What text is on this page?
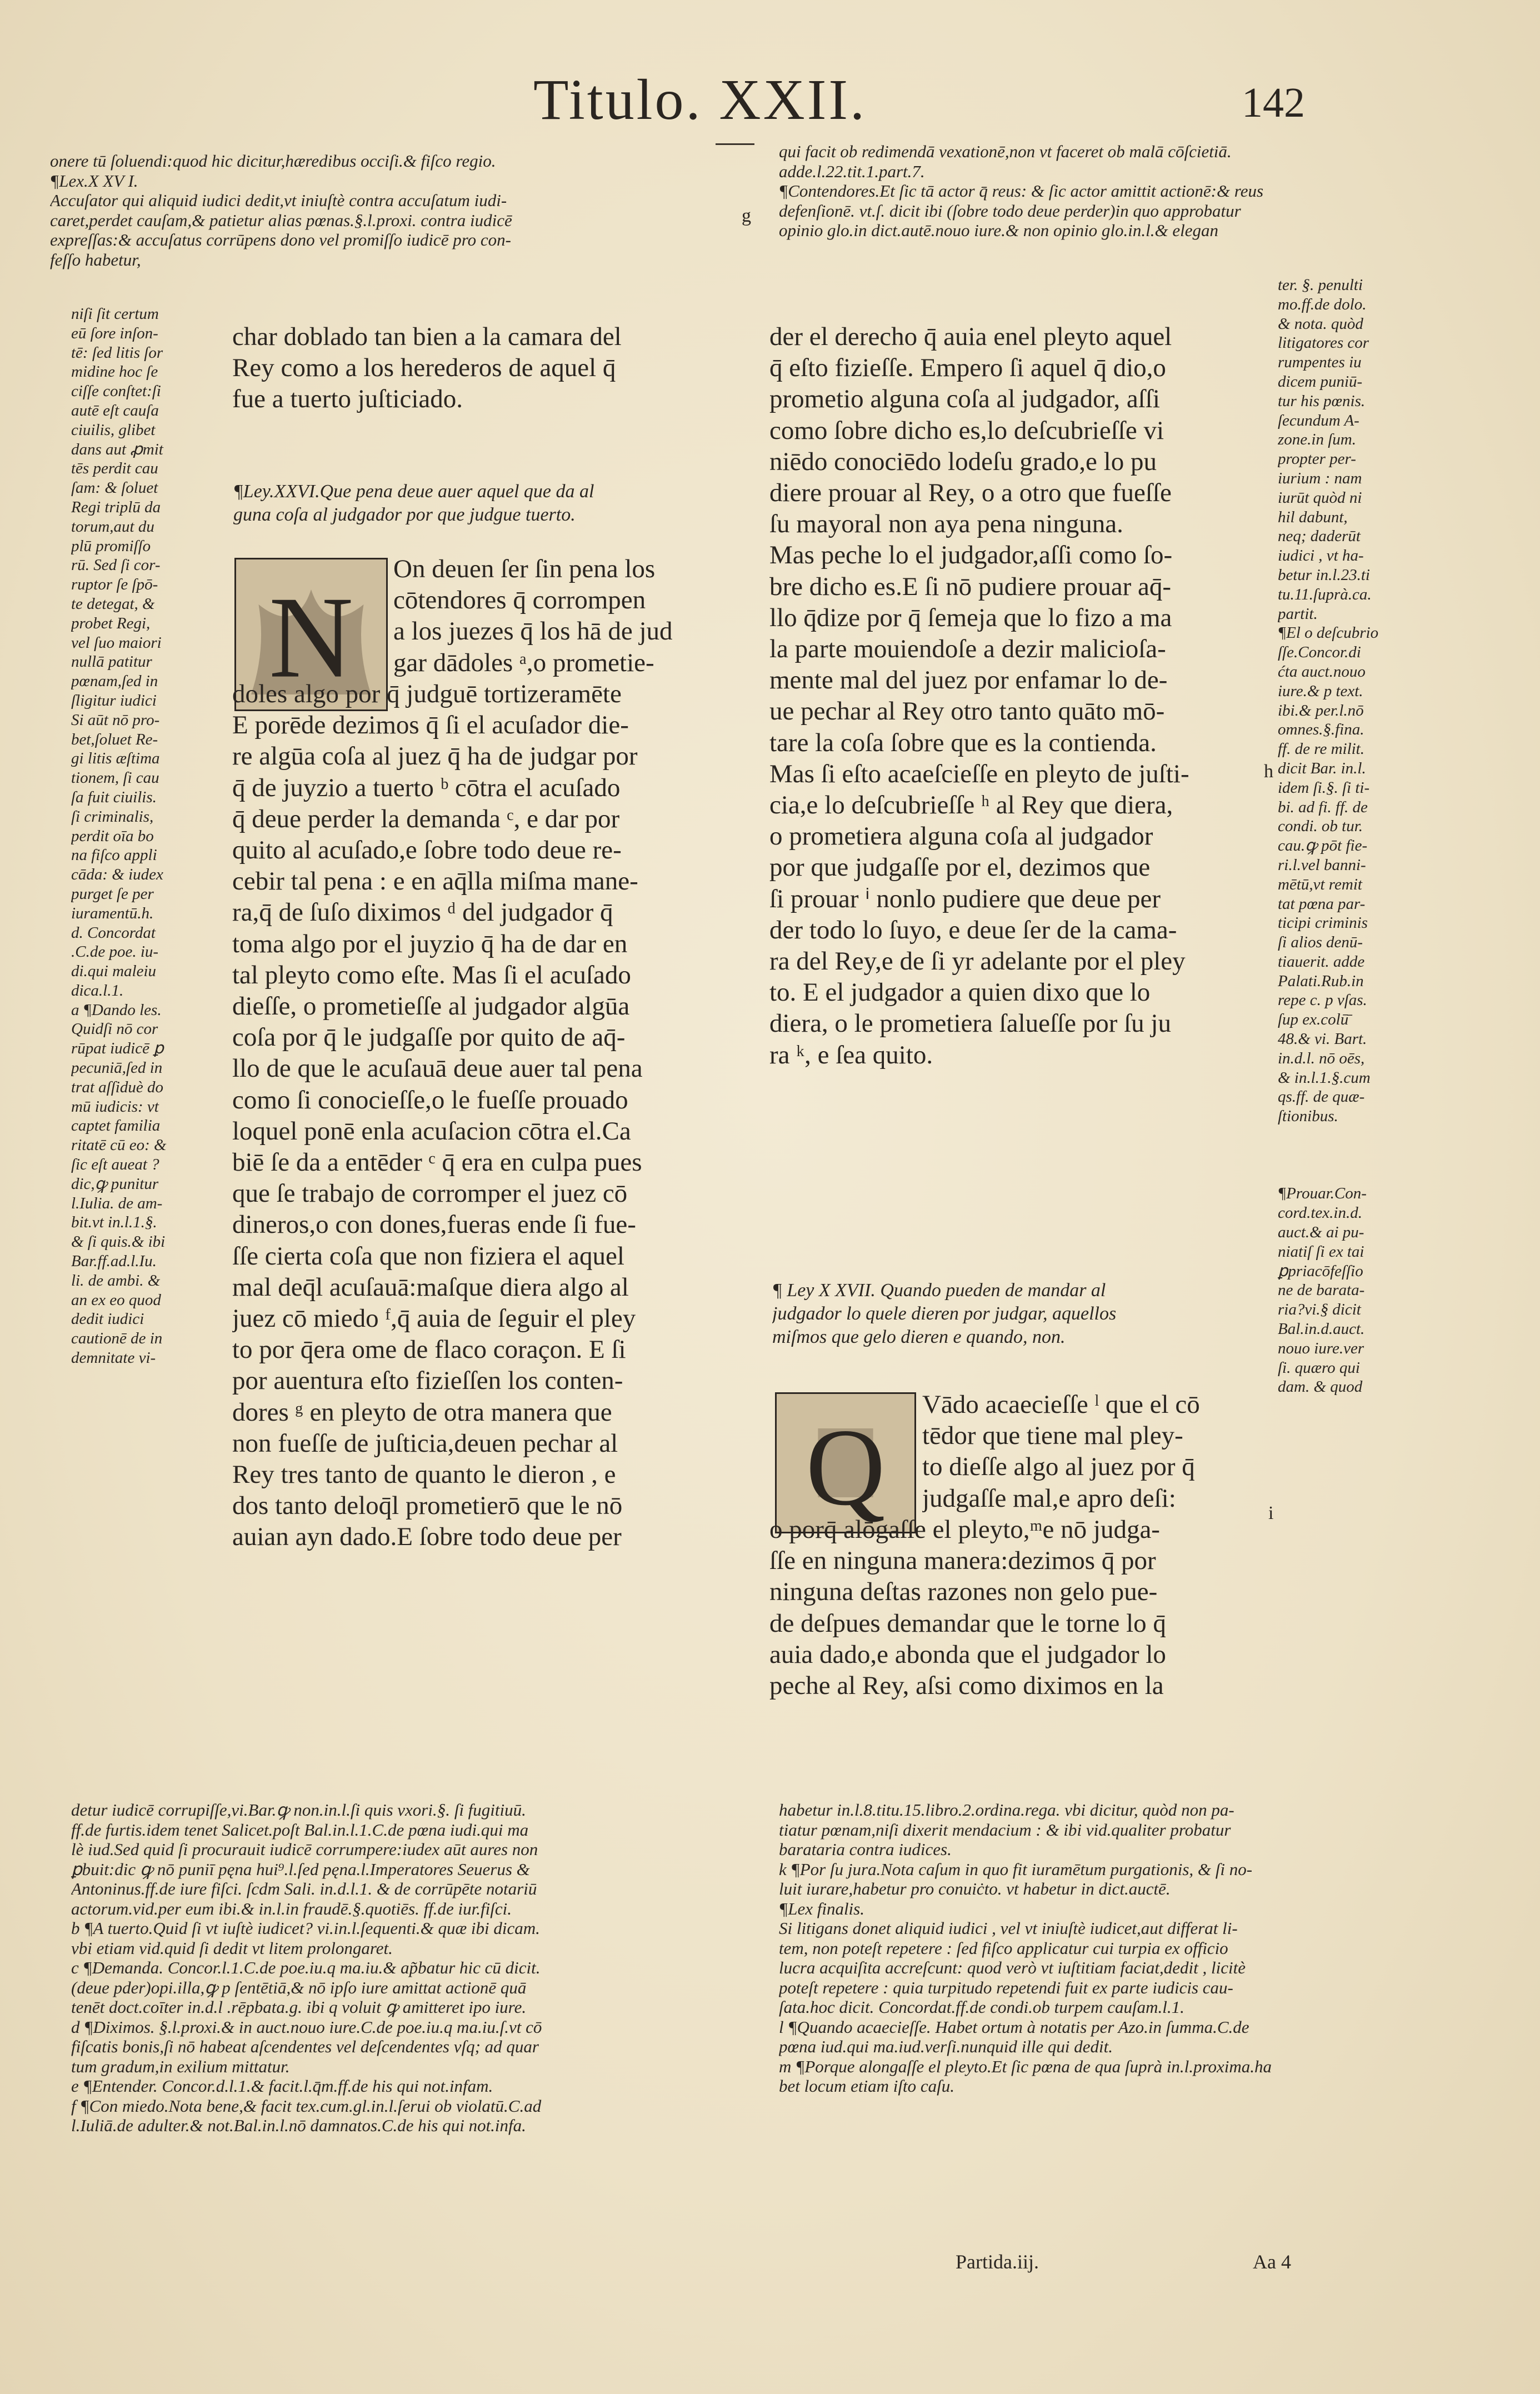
Titulo. XXII.	142
onere tū ſoluendi:quod hic dicitur,hæredibus occiſi.& fiſco regio.
¶Lex.X XV I.
Accuſator qui aliquid iudici dedit,vt iniuſtè contra accuſatum iudi-
caret,perdet cauſam,& patietur alias pœnas.§.l.proxi. contra iudicē
expreſſas:& accuſatus corrūpens dono vel promiſſo iudicē pro con-
feſſo habetur,
qui facit ob redimendā vexationē,non vt faceret ob malā cōſcietiā.
adde.l.22.tit.1.part.7.
¶Contendores.Et ſic tā actor q̄ reus: & ſic actor amittit actionē:& reus
defenſionē. vt.ſ. dicit ibi (ſobre todo deue perder)in quo approbatur
opinio glo.in dict.autē.nouo iure.& non opinio glo.in.l.& elegan
niſi ſit certum
eū ſore inſon-
tē: ſed litis ſor
midine hoc ſe
ciſſe conſtet:ſi
autē eſt cauſa
ciuilis, glibet
dans aut ꝓmit
tēs perdit cau
ſam: & ſoluet
Regi triplū da
torum,aut du
plū promiſſo
rū. Sed ſi cor-
ruptor ſe ſpō-
te detegat, &
probet Regi,
vel ſuo maiori
nullā patitur
pœnam,ſed in
ſligitur iudici
Si aūt nō pro-
bet,ſoluet Re-
gi litis æſtima
tionem, ſi cau
ſa fuit ciuilis.
ſi criminalis,
perdit oīa bo
na fiſco appli
cāda: & iudex
purget ſe per
iuramentū.h.
d. Concordat
.C.de poe. iu-
di.qui maleiu
dica.l.1.
a ¶Dando les.
Quidſi nō cor
rūpat iudicē ꝑ
pecuniā,ſed in
trat aſſiduè do
mū iudicis: vt
captet familia
ritatē cū eo: &
ſic eſt aueat ?
dic,ꝙ punitur
l.Iulia. de am-
bit.vt in.l.1.§.
& ſi quis.& ibi
Bar.ff.ad.l.Iu.
li. de ambi. &
an ex eo quod
dedit iudici
cautionē de in
demnitate vi-
ter. §. penulti
mo.ff.de dolo.
& nota. quòd
litigatores cor
rumpentes iu
dicem puniū-
tur his pœnis.
ſecundum A-
zone.in ſum.
propter per-
iurium : nam
iurūt quòd ni
hil dabunt,
neq; daderūt
iudici , vt ha-
betur in.l.23.ti
tu.11.ſuprà.ca.
partit.
¶El o deſcubrio
ſſe.Concor.di
ćta auct.nouo
iure.& p text.
ibi.& per.l.nō
omnes.§.fina.
ff. de re milit.
dicit Bar. in.l.
idem ſi.§. ſi ti-
bi. ad fi. ff. de
condi. ob tur.
cau.ꝙ pōt fie-
ri.l.vel banni-
mētū,vt remit
tat pœna par-
ticipi criminis
ſi alios denū-
tiauerit. adde
Palati.Rub.in
repe c. p vſas.
ſup ex.colū̄
48.& vi. Bart.
in.d.l. nō oēs,
& in.l.1.§.cum
qs.ff. de quæ-
ſtionibus.

¶Prouar.Con-
cord.tex.in.d.
auct.& ai pu-
niatiſ ſi ex tai
ꝑpriacōfeſſio
ne de barata-
ria?vi.§ dicit
Bal.in.d.auct.
nouo iure.ver
ſi. quæro qui
dam. & quod
char doblado tan bien a la camara del
Rey como a los herederos de aquel q̄
fue a tuerto juſticiado.
¶Ley.XXVI.Que pena deue auer aquel que da al
guna coſa al judgador por que judgue tuerto.
N
On deuen ſer ſin pena los
cōtendores q̄ corrompen
a los juezes q̄ los hā de jud
gar dādoles ᵃ,o prometie-
doles algo por q̄ judguē tortizeramēte
E porēde dezimos q̄ ſi el acuſador die-
re algūa coſa al juez q̄ ha de judgar por
q̄ de juyzio a tuerto ᵇ cōtra el acuſado
q̄ deue perder la demanda ᶜ, e dar por
quito al acuſado,e ſobre todo deue re-
cebir tal pena : e en aq̄lla miſma mane-
ra,q̄ de ſuſo diximos ᵈ del judgador q̄
toma algo por el juyzio q̄ ha de dar en
tal pleyto como eſte. Mas ſi el acuſado
dieſſe, o prometieſſe al judgador algūa
coſa por q̄ le judgaſſe por quito de aq̄-
llo de que le acuſauā deue auer tal pena
como ſi conocieſſe,o le fueſſe prouado
loquel ponē enla acuſacion cōtra el.Ca
biē ſe da a entēder ᶜ q̄ era en culpa pues
que ſe trabajo de corromper el juez cō
dineros,o con dones,fueras ende ſi fue-
ſſe cierta coſa que non fiziera el aquel
mal deq̄l acuſauā:maſque diera algo al
juez cō miedo ᶠ,q̄ auia de ſeguir el pley
to por q̄era ome de flaco coraçon. E ſi
por auentura eſto fizieſſen los conten-
dores ᵍ en pleyto de otra manera que
non fueſſe de juſticia,deuen pechar al
Rey tres tanto de quanto le dieron , e
dos tanto deloq̄l prometierō que le nō
auian ayn dado.E ſobre todo deue per
der el derecho q̄ auia enel pleyto aquel
q̄ eſto fizieſſe. Empero ſi aquel q̄ dio,o
prometio alguna coſa al judgador, aſſi
como ſobre dicho es,lo deſcubrieſſe vi
niēdo conociēdo lodeſu grado,e lo pu
diere prouar al Rey, o a otro que fueſſe
ſu mayoral non aya pena ninguna.
Mas peche lo el judgador,aſſi como ſo-
bre dicho es.E ſi nō pudiere prouar aq̄-
llo q̄dize por q̄ ſemeja que lo fizo a ma
la parte mouiendoſe a dezir malicioſa-
mente mal del juez por enfamar lo de-
ue pechar al Rey otro tanto quāto mō-
tare la coſa ſobre que es la contienda.
Mas ſi eſto acaeſcieſſe en pleyto de juſti-
cia,e lo deſcubrieſſe ʰ al Rey que diera,
o prometiera alguna coſa al judgador
por que judgaſſe por el, dezimos que
ſi prouar ⁱ nonlo pudiere que deue per
der todo lo ſuyo, e deue ſer de la cama-
ra del Rey,e de ſi yr adelante por el pley
to. E el judgador a quien dixo que lo
diera, o le prometiera ſalueſſe por ſu ju
ra ᵏ, e ſea quito.
¶ Ley X XVII. Quando pueden de mandar al
judgador lo quele dieren por judgar, aquellos
miſmos que gelo dieren e quando, non.
Q
Vādo acaecieſſe ˡ que el cō
tēdor que tiene mal pley-
to dieſſe algo al juez por q̄
judgaſſe mal,e apro deſi:
o porq̄ alōgaſſe el pleyto,ᵐe nō judga-
ſſe en ninguna manera:dezimos q̄ por
ninguna deſtas razones non gelo pue-
de deſpues demandar que le torne lo q̄
auia dado,e abonda que el judgador lo
peche al Rey, aſsi como diximos en la
detur iudicē corrupiſſe,vi.Bar.ꝙ non.in.l.ſi quis vxori.§. ſi fugitiuū.
ff.de furtis.idem tenet Salicet.poſt Bal.in.l.1.C.de pœna iudi.qui ma
lè iud.Sed quid ſi procurauit iudicē corrumpere:iudex aūt aures non
ꝑbuit:dic ꝙ nō puniī pęna hui⁹.l.ſed pęna.l.Imperatores Seuerus &
Antoninus.ff.de iure fiſci. ſcdm Sali. in.d.l.1. & de corrūpēte notariū
actorum.vid.per eum ibi.& in.l.in fraudē.§.quotiēs. ff.de iur.fiſci.
b ¶A tuerto.Quid ſi vt iuſtè iudicet? vi.in.l.ſequenti.& quæ ibi dicam.
vbi etiam vid.quid ſi dedit vt litem prolongaret.
c ¶Demanda. Concor.l.1.C.de poe.iu.q ma.iu.& ap̃batur hic cū dicit.
(deue pder)opi.illa,ꝙ p ſentētiā,& nō ipſo iure amittat actionē quā
tenēt doct.coīter in.d.l .rēpbata.g. ibi q voluit ꝙ amitteret ipo iure.
d ¶Diximos. §.l.proxi.& in auct.nouo iure.C.de poe.iu.q ma.iu.ſ.vt cō
fiſcatis bonis,ſi nō habeat aſcendentes vel deſcendentes vſq; ad quar
tum gradum,in exilium mittatur.
e ¶Entender. Concor.d.l.1.& facit.l.q̄m.ff.de his qui not.infam.
f ¶Con miedo.Nota bene,& facit tex.cum.gl.in.l.ſerui ob violatū.C.ad
l.Iuliā.de adulter.& not.Bal.in.l.nō damnatos.C.de his qui not.infa.
habetur in.l.8.titu.15.libro.2.ordina.rega. vbi dicitur, quòd non pa-
tiatur pœnam,niſi dixerit mendacium : & ibi vid.qualiter probatur
barataria contra iudices.
k ¶Por ſu jura.Nota caſum in quo fit iuramētum purgationis, & ſi no-
luit iurare,habetur pro conuiċto. vt habetur in dict.auctē.
¶Lex finalis.
Si litigans donet aliquid iudici , vel vt iniuſtè iudicet,aut differat li-
tem, non poteſt repetere : ſed fiſco applicatur cui turpia ex officio
lucra acquiſita accreſcunt: quod verò vt iuſtitiam faciat,dedit , licitè
poteſt repetere : quia turpitudo repetendi fuit ex parte iudicis cau-
ſata.hoc dicit. Concordat.ff.de condi.ob turpem cauſam.l.1.
l ¶Quando acaecieſſe. Habet ortum à notatis per Azo.in ſumma.C.de
pœna iud.qui ma.iud.verſi.nunquid ille qui dedit.
m ¶Porque alongaſſe el pleyto.Et ſic pœna de qua ſuprà in.l.proxima.ha
bet locum etiam iſto caſu.
g
h
i
Partida.iij.	Aa 4
